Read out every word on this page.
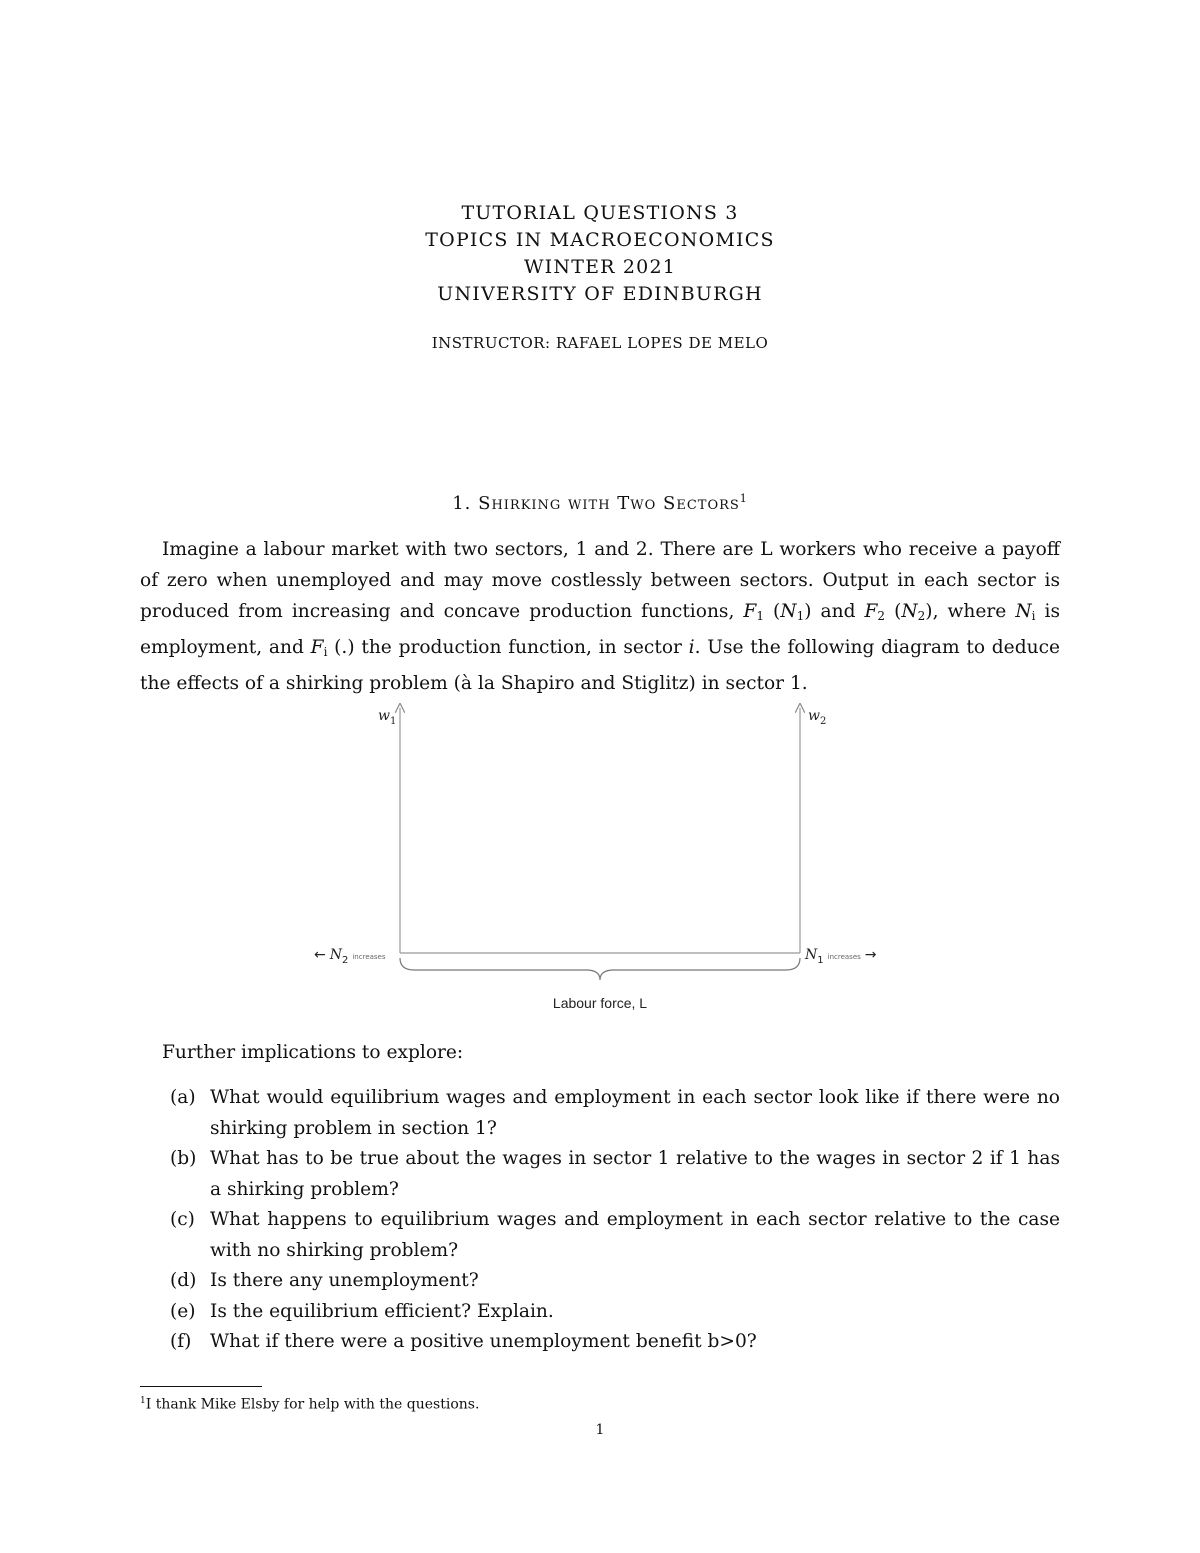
TUTORIAL QUESTIONS 3
TOPICS IN MACROECONOMICS
WINTER 2021
UNIVERSITY OF EDINBURGH
INSTRUCTOR: RAFAEL LOPES DE MELO
1. Shirking with Two Sectors$^1$
Imagine a labour market with two sectors, 1 and 2. There are L workers who receive a payoff of zero when unemployed and may move costlessly between sectors. Output in each sector is produced from increasing and concave production functions, $F_1$ $(N_1)$ and $F_2$ $(N_2)$, where $N_i$ is employment, and $F_i$ (.) the production function, in sector i. Use the following diagram to deduce the effects of a shirking problem (à la Shapiro and Stiglitz) in sector 1.
$w_1$	$w_2$
← $N_2$ $^{increases}$	$N_1$ $^{increases}$ →
Labour force, L
Further implications to explore:
(a) What would equilibrium wages and employment in each sector look like if there were no shirking problem in section 1?
(b) What has to be true about the wages in sector 1 relative to the wages in sector 2 if 1 has a shirking problem?
(c) What happens to equilibrium wages and employment in each sector relative to the case with no shirking problem?
(d) Is there any unemployment?
(e) Is the equilibrium efficient? Explain.
(f) What if there were a positive unemployment benefit b>0?
$^1$I thank Mike Elsby for help with the questions.
1
